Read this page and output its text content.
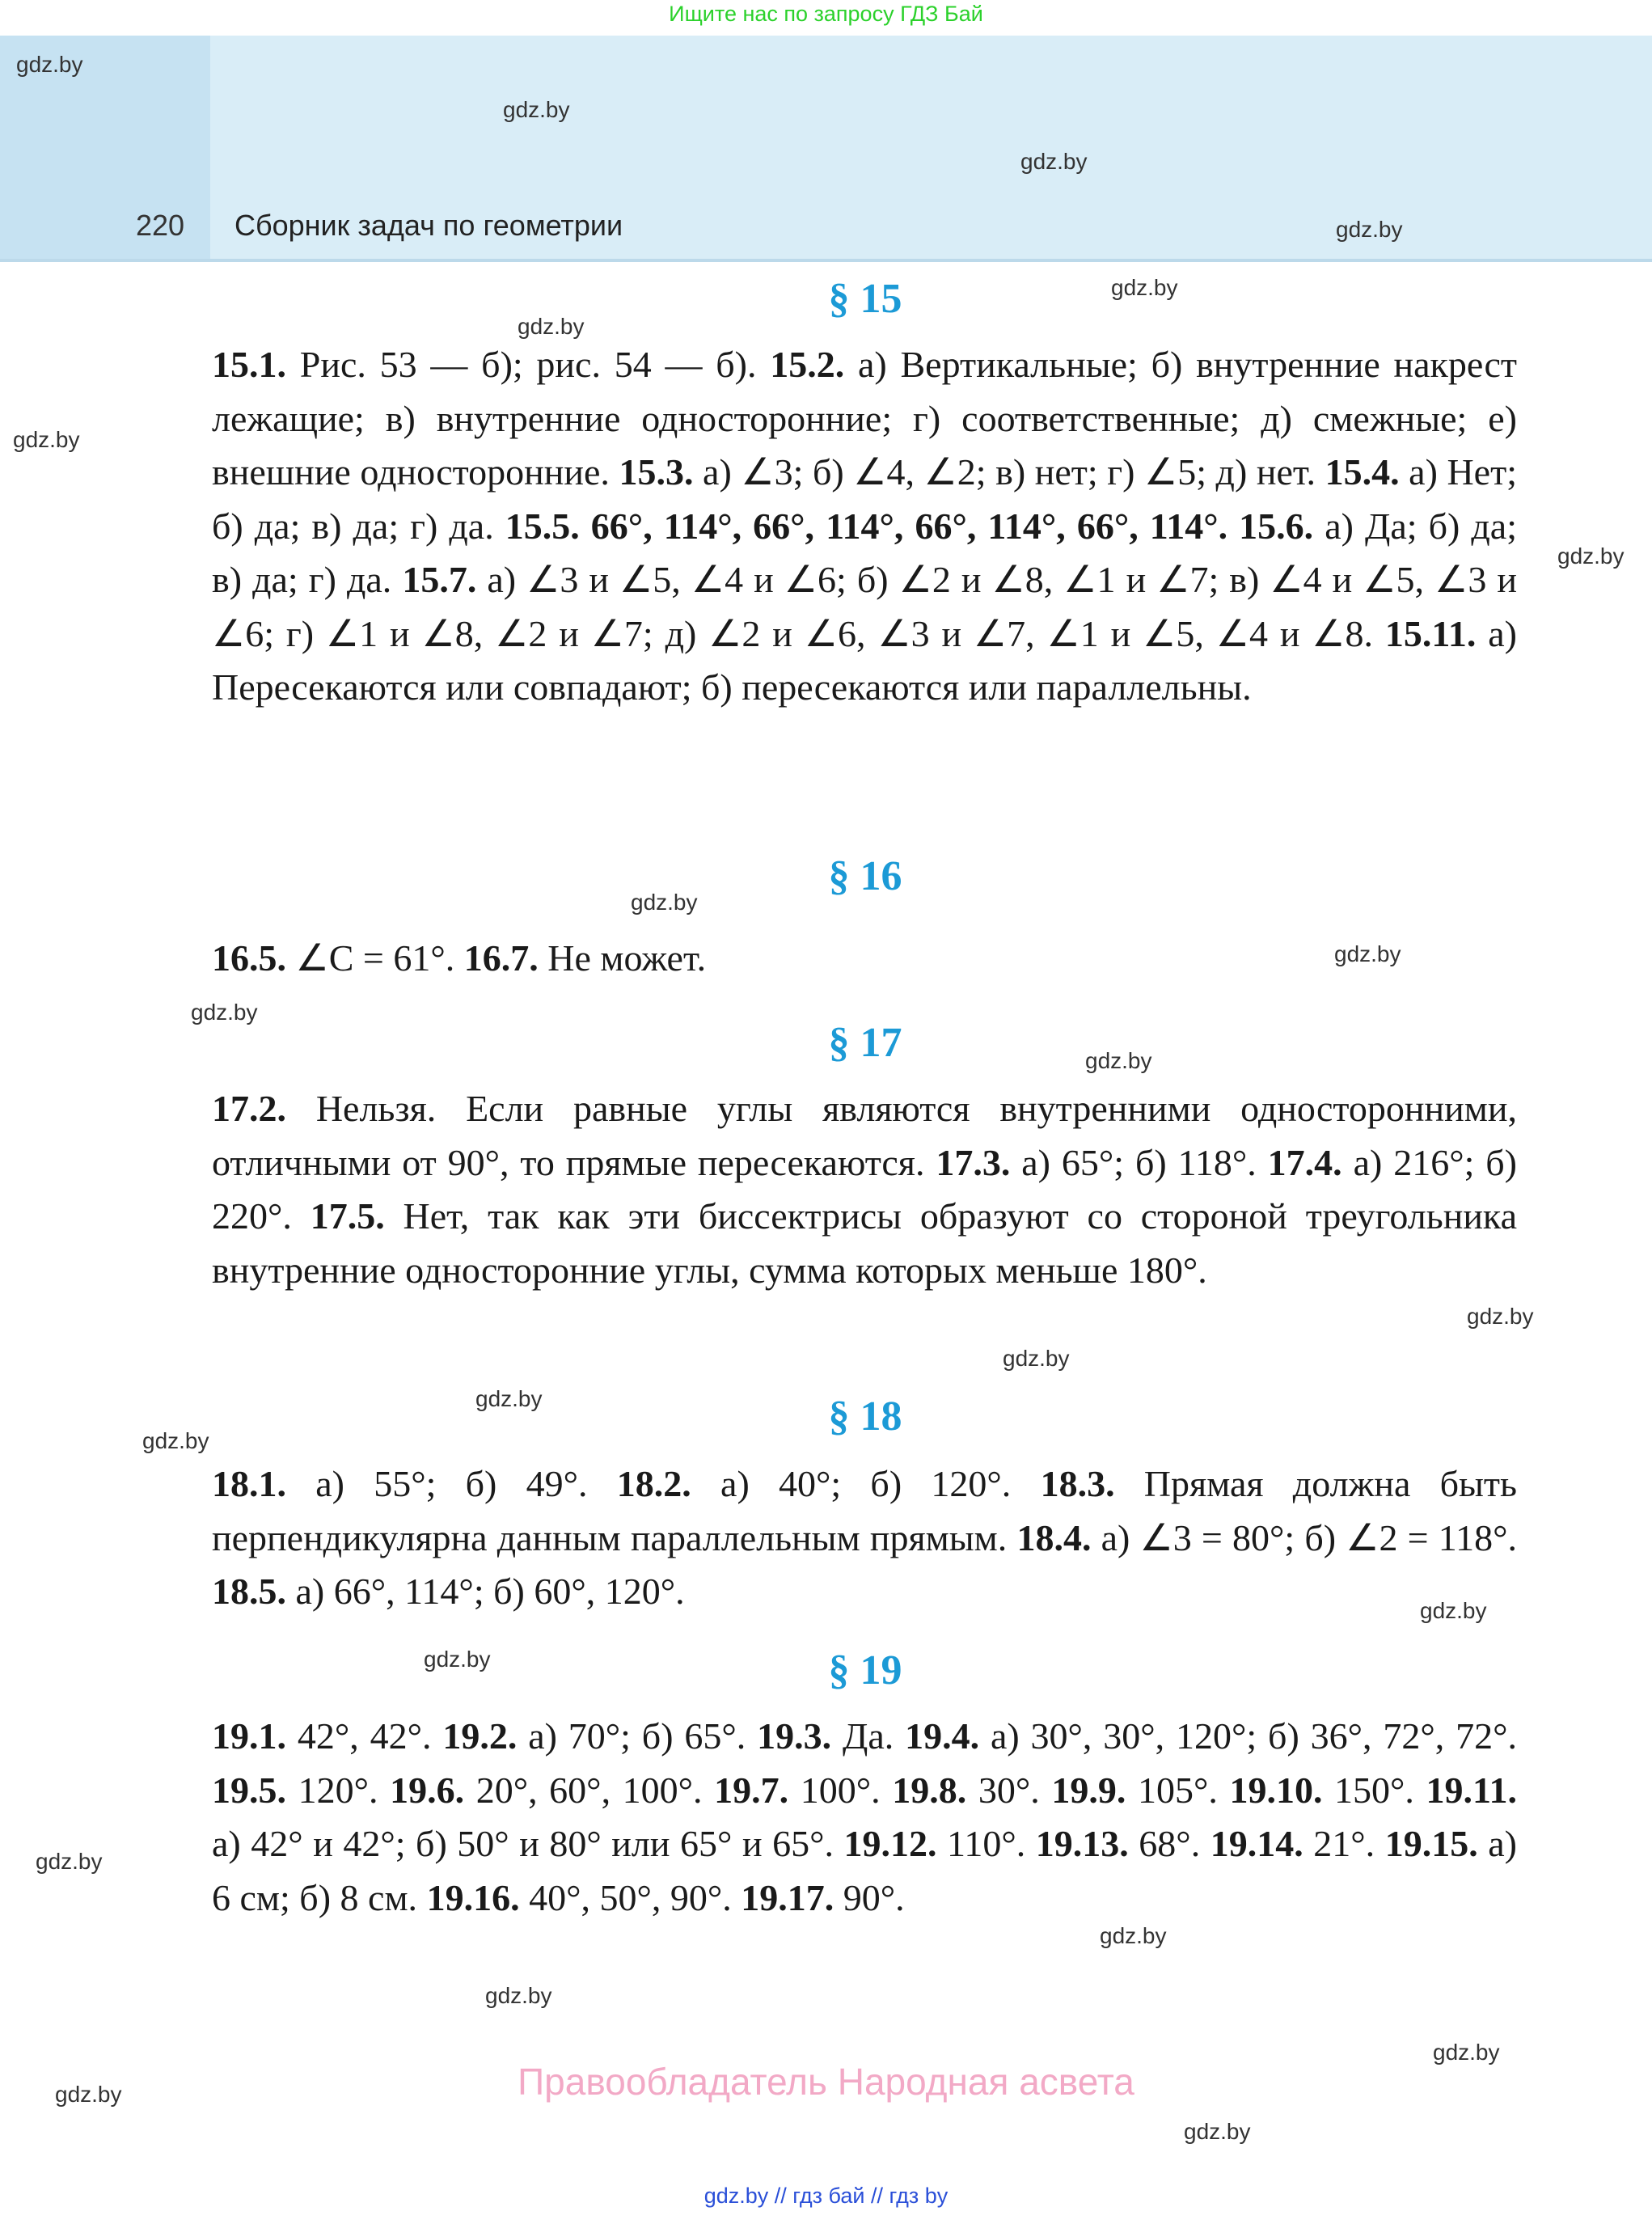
Ищите нас по запросу ГДЗ Бай
220 Сборник задач по геометрии
gdz.by
gdz.by
gdz.by
gdz.by
gdz.by
gdz.by
gdz.by
gdz.by
gdz.by
gdz.by
gdz.by
gdz.by
gdz.by
gdz.by
gdz.by
gdz.by
gdz.by
gdz.by
gdz.by
gdz.by
gdz.by
gdz.by
gdz.by
gdz.by
§ 15
15.1. Рис. 53 — б); рис. 54 — б). 15.2. а) Вертикальные; б) внутренние накрест лежащие; в) внутренние односторонние; г) соответственные; д) смежные; е) внешние односторонние. 15.3. а) ∠3; б) ∠4, ∠2; в) нет; г) ∠5; д) нет. 15.4. а) Нет; б) да; в) да; г) да. 15.5. 66°, 114°, 66°, 114°, 66°, 114°, 66°, 114°. 15.6. а) Да; б) да; в) да; г) да. 15.7. а) ∠3 и ∠5, ∠4 и ∠6; б) ∠2 и ∠8, ∠1 и ∠7; в) ∠4 и ∠5, ∠3 и ∠6; г) ∠1 и ∠8, ∠2 и ∠7; д) ∠2 и ∠6, ∠3 и ∠7, ∠1 и ∠5, ∠4 и ∠8. 15.11. а) Пересекаются или совпадают; б) пересекаются или параллельны.
§ 16
16.5. ∠C = 61°. 16.7. Не может.
§ 17
17.2. Нельзя. Если равные углы являются внутренними односторонними, отличными от 90°, то прямые пересекаются. 17.3. а) 65°; б) 118°. 17.4. а) 216°; б) 220°. 17.5. Нет, так как эти биссектрисы образуют со стороной треугольника внутренние односторонние углы, сумма которых меньше 180°.
§ 18
18.1. а) 55°; б) 49°. 18.2. а) 40°; б) 120°. 18.3. Прямая должна быть перпендикулярна данным параллельным прямым. 18.4. а) ∠3 = 80°; б) ∠2 = 118°. 18.5. а) 66°, 114°; б) 60°, 120°.
§ 19
19.1. 42°, 42°. 19.2. а) 70°; б) 65°. 19.3. Да. 19.4. а) 30°, 30°, 120°; б) 36°, 72°, 72°. 19.5. 120°. 19.6. 20°, 60°, 100°. 19.7. 100°. 19.8. 30°. 19.9. 105°. 19.10. 150°. 19.11. а) 42° и 42°; б) 50° и 80° или 65° и 65°. 19.12. 110°. 19.13. 68°. 19.14. 21°. 19.15. а) 6 см; б) 8 см. 19.16. 40°, 50°, 90°. 19.17. 90°.
Правообладатель Народная асвета
gdz.by // гдз бай // гдз by
